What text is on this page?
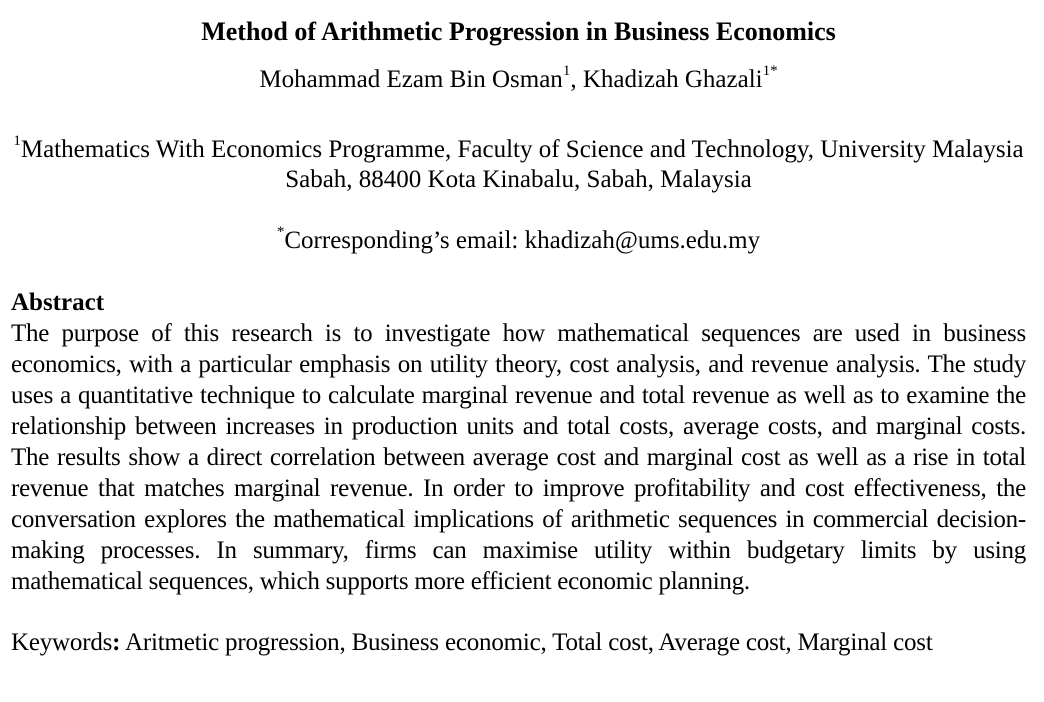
Method of Arithmetic Progression in Business Economics

Mohammad Ezam Bin Osman$^1$, Khadizah Ghazali$^{1*}$

$^1$Mathematics With Economics Programme, Faculty of Science and Technology, University Malaysia Sabah, 88400 Kota Kinabalu, Sabah, Malaysia

*Corresponding’s email: khadizah@ums.edu.my

Abstract

The purpose of this research is to investigate how mathematical sequences are used in business economics, with a particular emphasis on utility theory, cost analysis, and revenue analysis. The study uses a quantitative technique to calculate marginal revenue and total revenue as well as to examine the relationship between increases in production units and total costs, average costs, and marginal costs. The results show a direct correlation between average cost and marginal cost as well as a rise in total revenue that matches marginal revenue. In order to improve profitability and cost effectiveness, the conversation explores the mathematical implications of arithmetic sequences in commercial decision-making processes. In summary, firms can maximise utility within budgetary limits by using mathematical sequences, which supports more efficient economic planning.

Keywords: Aritmetic progression, Business economic, Total cost, Average cost, Marginal cost
